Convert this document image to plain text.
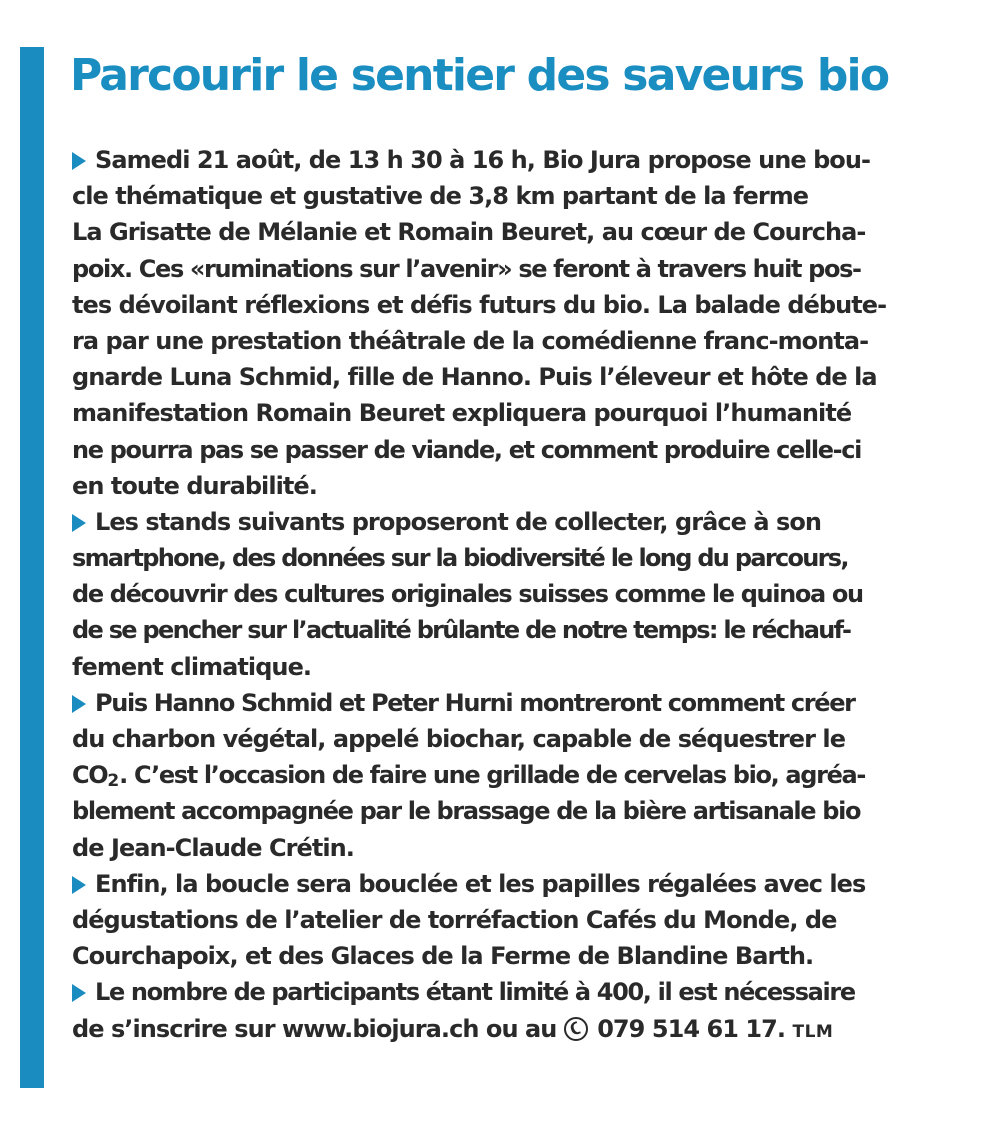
Parcourir le sentier des saveurs bio
Samedi 21 août, de 13 h 30 à 16 h, Bio Jura propose une bou-
cle thématique et gustative de 3,8 km partant de la ferme
La Grisatte de Mélanie et Romain Beuret, au cœur de Courcha-
poix. Ces «ruminations sur l’avenir» se feront à travers huit pos-
tes dévoilant réflexions et défis futurs du bio. La balade débute-
ra par une prestation théâtrale de la comédienne franc-monta-
gnarde Luna Schmid, fille de Hanno. Puis l’éleveur et hôte de la
manifestation Romain Beuret expliquera pourquoi l’humanité
ne pourra pas se passer de viande, et comment produire celle-ci
en toute durabilité.
Les stands suivants proposeront de collecter, grâce à son
smartphone, des données sur la biodiversité le long du parcours,
de découvrir des cultures originales suisses comme le quinoa ou
de se pencher sur l’actualité brûlante de notre temps: le réchauf-
fement climatique.
Puis Hanno Schmid et Peter Hurni montreront comment créer
du charbon végétal, appelé biochar, capable de séquestrer le
CO2. C’est l’occasion de faire une grillade de cervelas bio, agréa-
blement accompagnée par le brassage de la bière artisanale bio
de Jean-Claude Crétin.
Enfin, la boucle sera bouclée et les papilles régalées avec les
dégustations de l’atelier de torréfaction Cafés du Monde, de
Courchapoix, et des Glaces de la Ferme de Blandine Barth.
Le nombre de participants étant limité à 400, il est nécessaire
de s’inscrire sur www.biojura.ch ou au 079 514 61 17. TLM
